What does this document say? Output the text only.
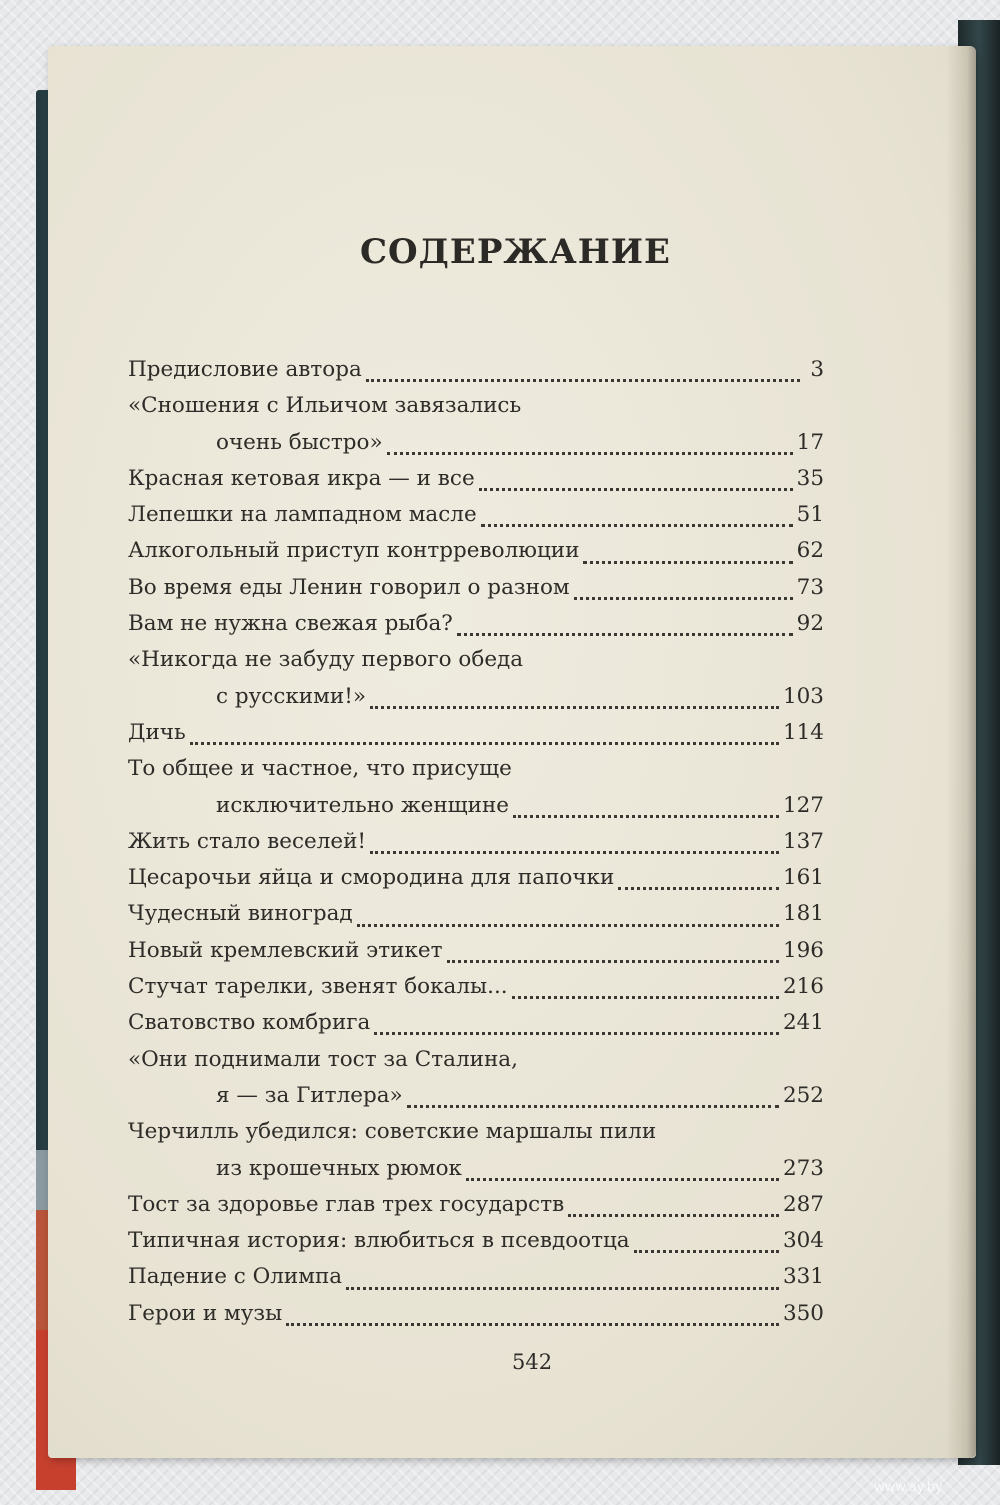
СОДЕРЖАНИЕ
Предисловие автора	3
«Сношения с Ильичом завязались
очень быстро»	17
Красная кетовая икра — и все	35
Лепешки на лампадном масле	51
Алкогольный приступ контрреволюции	62
Во время еды Ленин говорил о разном	73
Вам не нужна свежая рыба?	92
«Никогда не забуду первого обеда
с русскими!»	103
Дичь	114
То общее и частное, что присуще
исключительно женщине	127
Жить стало веселей!	137
Цесарочьи яйца и смородина для папочки	161
Чудесный виноград	181
Новый кремлевский этикет	196
Стучат тарелки, звенят бокалы...	216
Сватовство комбрига	241
«Они поднимали тост за Сталина,
я — за Гитлера»	252
Черчилль убедился: советские маршалы пили
из крошечных рюмок	273
Тост за здоровье глав трех государств	287
Типичная история: влюбиться в псевдоотца	304
Падение с Олимпа	331
Герои и музы	350
542
www.ay.by
